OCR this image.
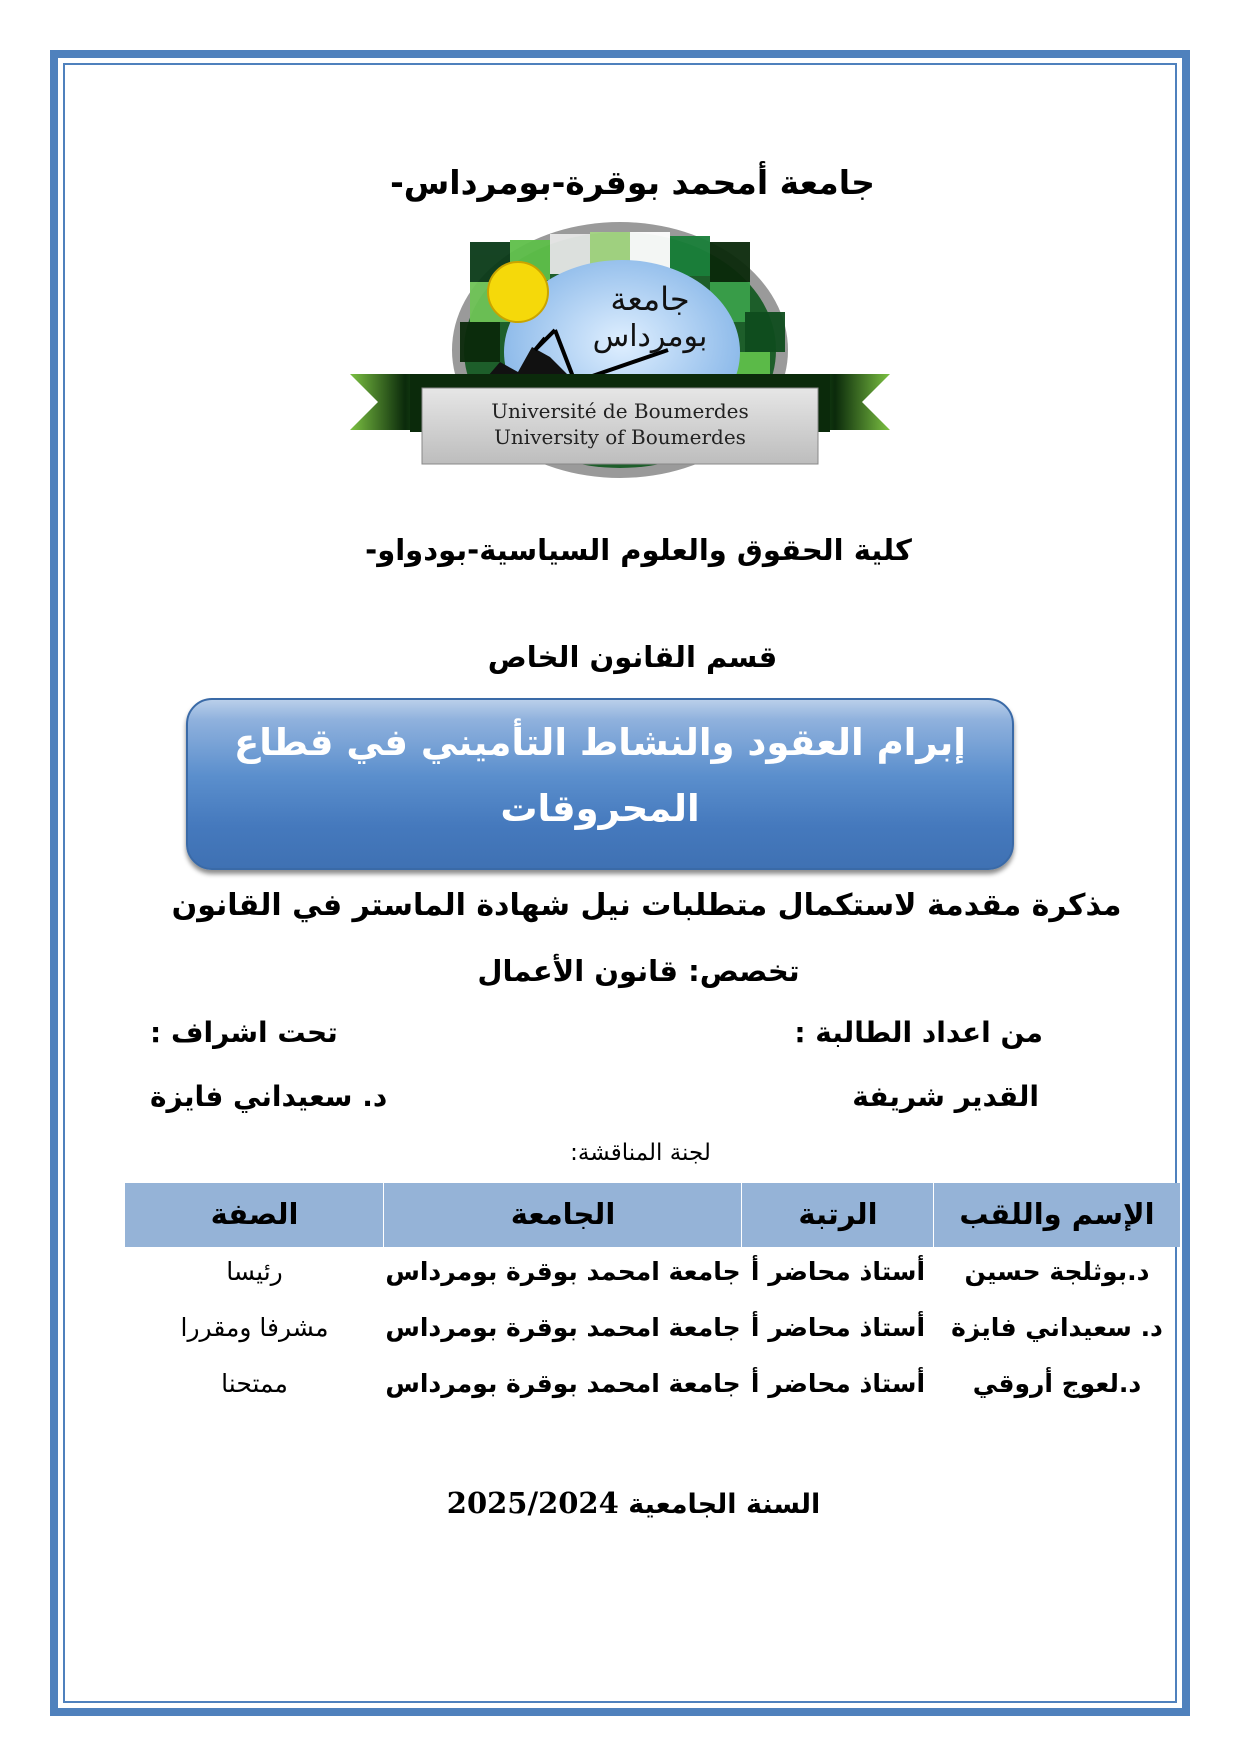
جامعة أمحمد بوقرة-بومرداس-
جامعة
بومرداس
Université de Boumerdes
University of Boumerdes
كلية الحقوق والعلوم السياسية-بودواو-
قسم القانون الخاص
إبرام العقود والنشاط التأميني في قطاع المحروقات
مذكرة مقدمة لاستكمال متطلبات نيل شهادة الماستر في القانون
تخصص: قانون الأعمال
من اعداد الطالبة :
القدير شريفة
تحت اشراف :
د. سعيداني فايزة
لجنة المناقشة:
الإسم واللقب
الرتبة
الجامعة
الصفة
د.بوثلجة حسين
أستاذ محاضر أ
جامعة امحمد بوقرة بومرداس
رئيسا
د. سعيداني فايزة
أستاذ محاضر أ
جامعة امحمد بوقرة بومرداس
مشرفا ومقررا
د.لعوج أروقي
أستاذ محاضر أ
جامعة امحمد بوقرة بومرداس
ممتحنا
السنة الجامعية 2025/2024
